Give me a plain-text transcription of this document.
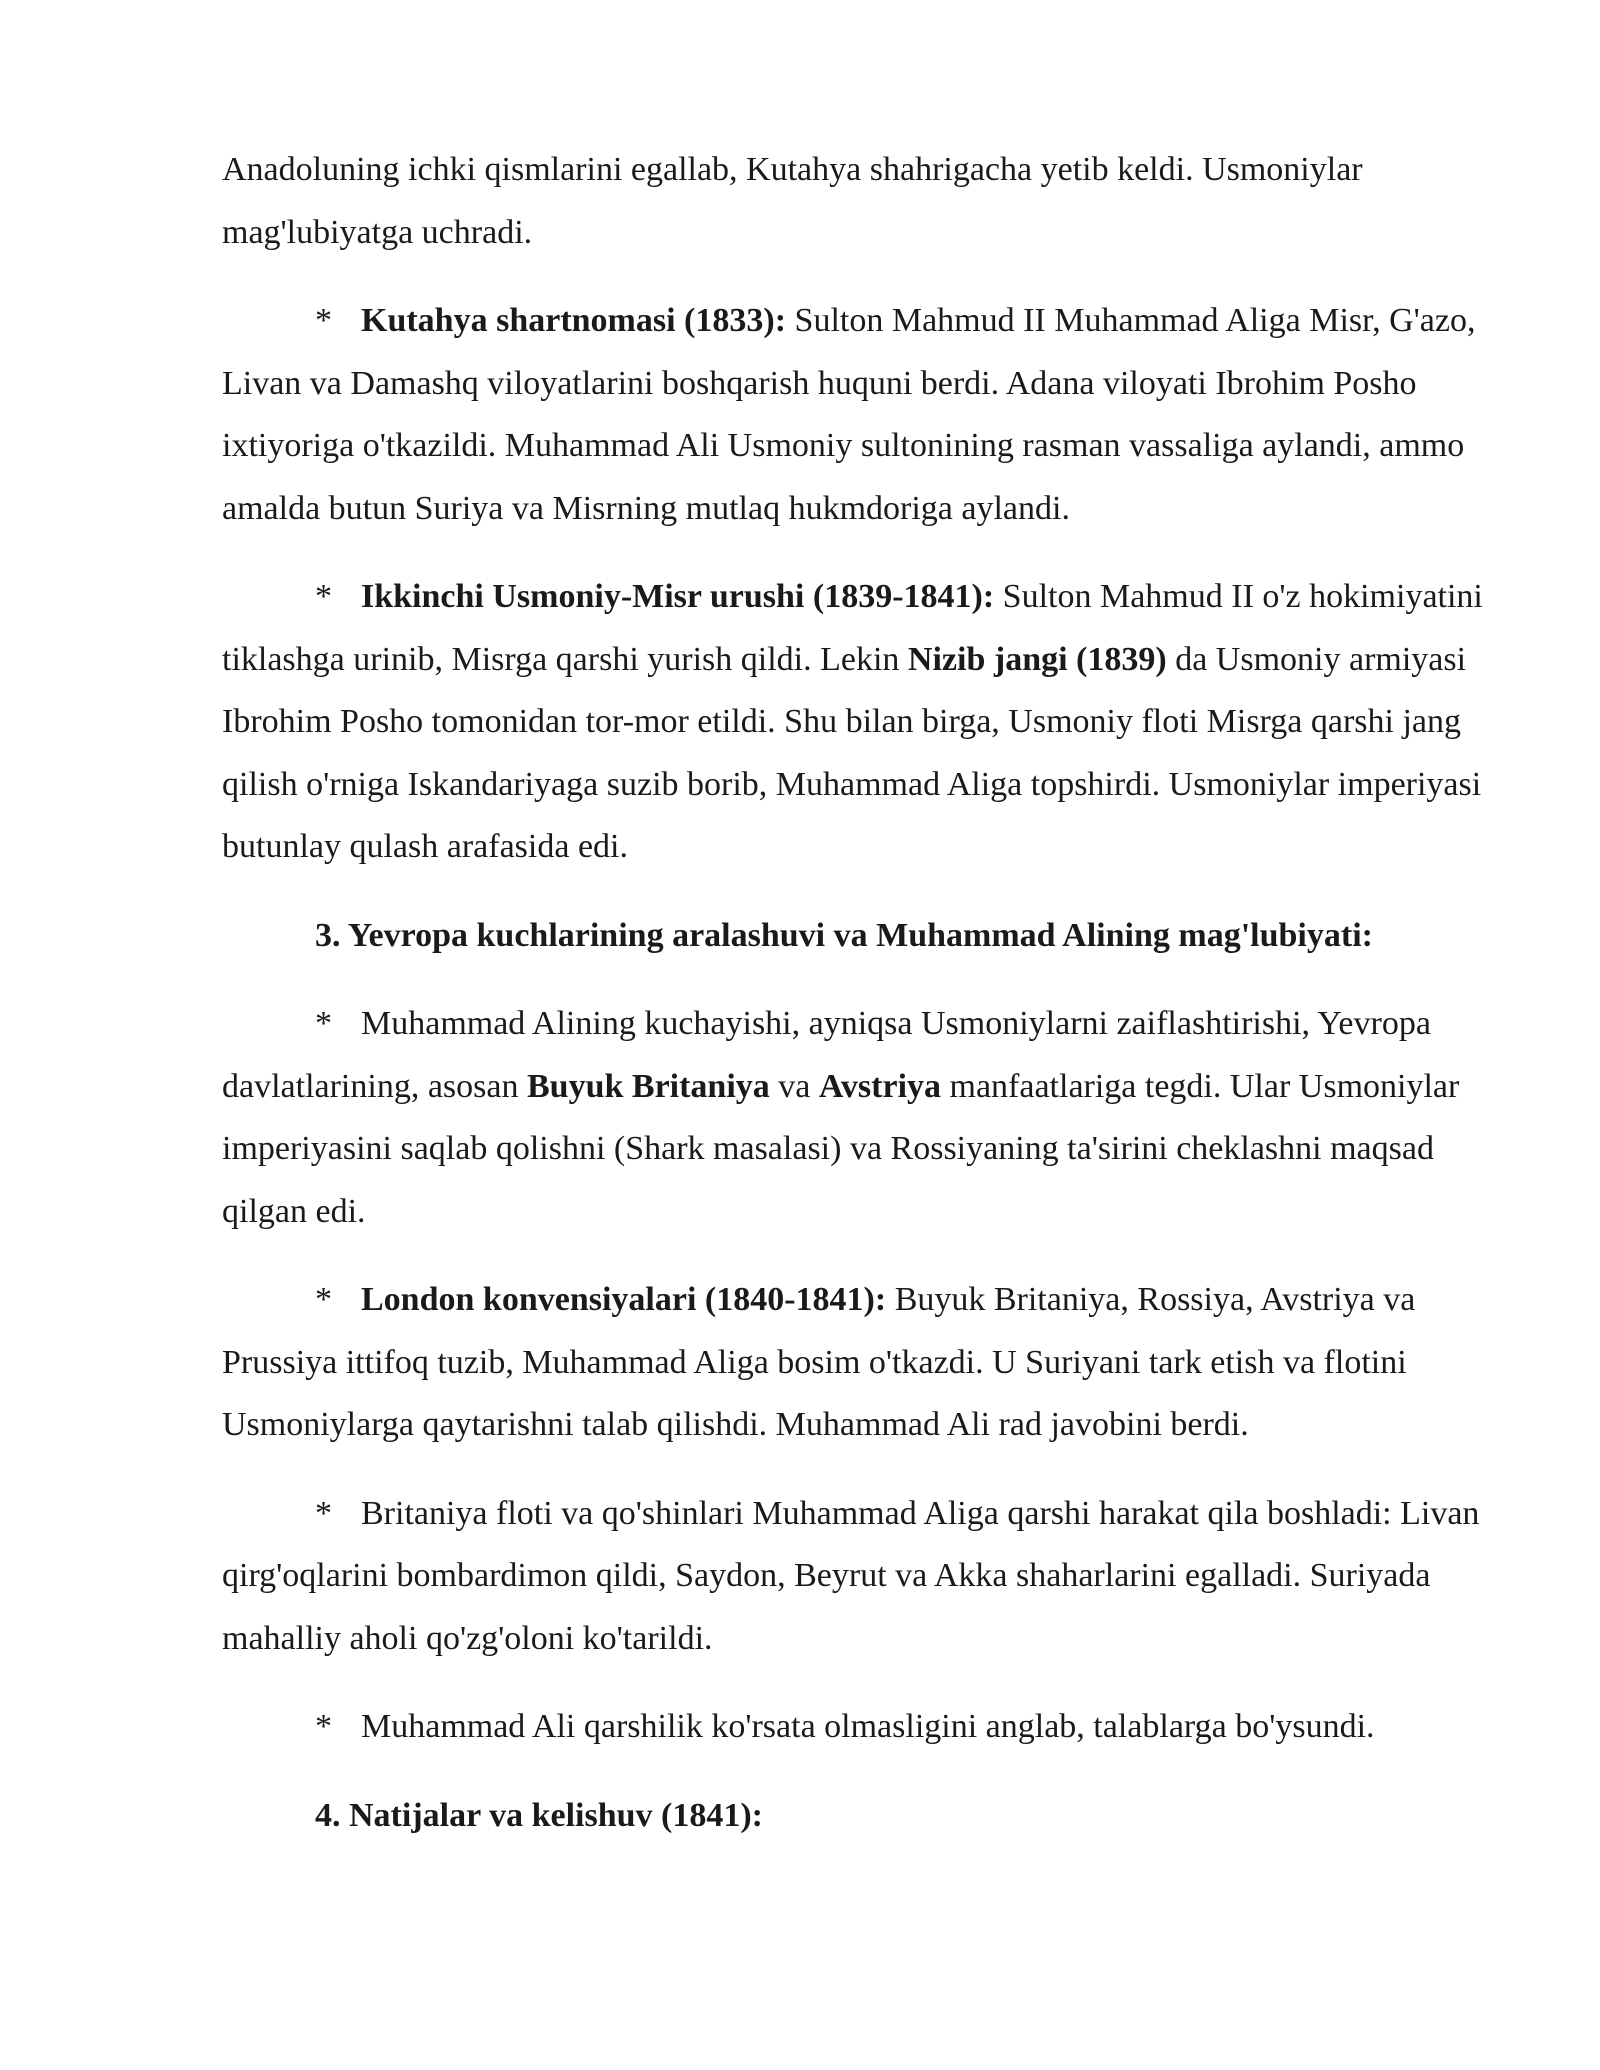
Anadoluning ichki qismlarini egallab, Kutahya shahrigacha yetib keldi. Usmoniylar mag'lubiyatga uchradi.

* Kutahya shartnomasi (1833): Sulton Mahmud II Muhammad Aliga Misr, G'azo, Livan va Damashq viloyatlarini boshqarish huquni berdi. Adana viloyati Ibrohim Posho ixtiyoriga o'tkazildi. Muhammad Ali Usmoniy sultonining rasman vassaliga aylandi, ammo amalda butun Suriya va Misrning mutlaq hukmdoriga aylandi.

* Ikkinchi Usmoniy-Misr urushi (1839-1841): Sulton Mahmud II o'z hokimiyatini tiklashga urinib, Misrga qarshi yurish qildi. Lekin Nizib jangi (1839) da Usmoniy armiyasi Ibrohim Posho tomonidan tor-mor etildi. Shu bilan birga, Usmoniy floti Misrga qarshi jang qilish o'rniga Iskandariyaga suzib borib, Muhammad Aliga topshirdi. Usmoniylar imperiyasi butunlay qulash arafasida edi.

3. Yevropa kuchlarining aralashuvi va Muhammad Alining mag'lubiyati:

* Muhammad Alining kuchayishi, ayniqsa Usmoniylarni zaiflashtirishi, Yevropa davlatlarining, asosan Buyuk Britaniya va Avstriya manfaatlariga tegdi. Ular Usmoniylar imperiyasini saqlab qolishni (Shark masalasi) va Rossiyaning ta'sirini cheklashni maqsad qilgan edi.

* London konvensiyalari (1840-1841): Buyuk Britaniya, Rossiya, Avstriya va Prussiya ittifoq tuzib, Muhammad Aliga bosim o'tkazdi. U Suriyani tark etish va flotini Usmoniylarga qaytarishni talab qilishdi. Muhammad Ali rad javobini berdi.

* Britaniya floti va qo'shinlari Muhammad Aliga qarshi harakat qila boshladi: Livan qirg'oqlarini bombardimon qildi, Saydon, Beyrut va Akka shaharlarini egalladi. Suriyada mahalliy aholi qo'zg'oloni ko'tarildi.

* Muhammad Ali qarshilik ko'rsata olmasligini anglab, talablarga bo'ysundi.

4. Natijalar va kelishuv (1841):
